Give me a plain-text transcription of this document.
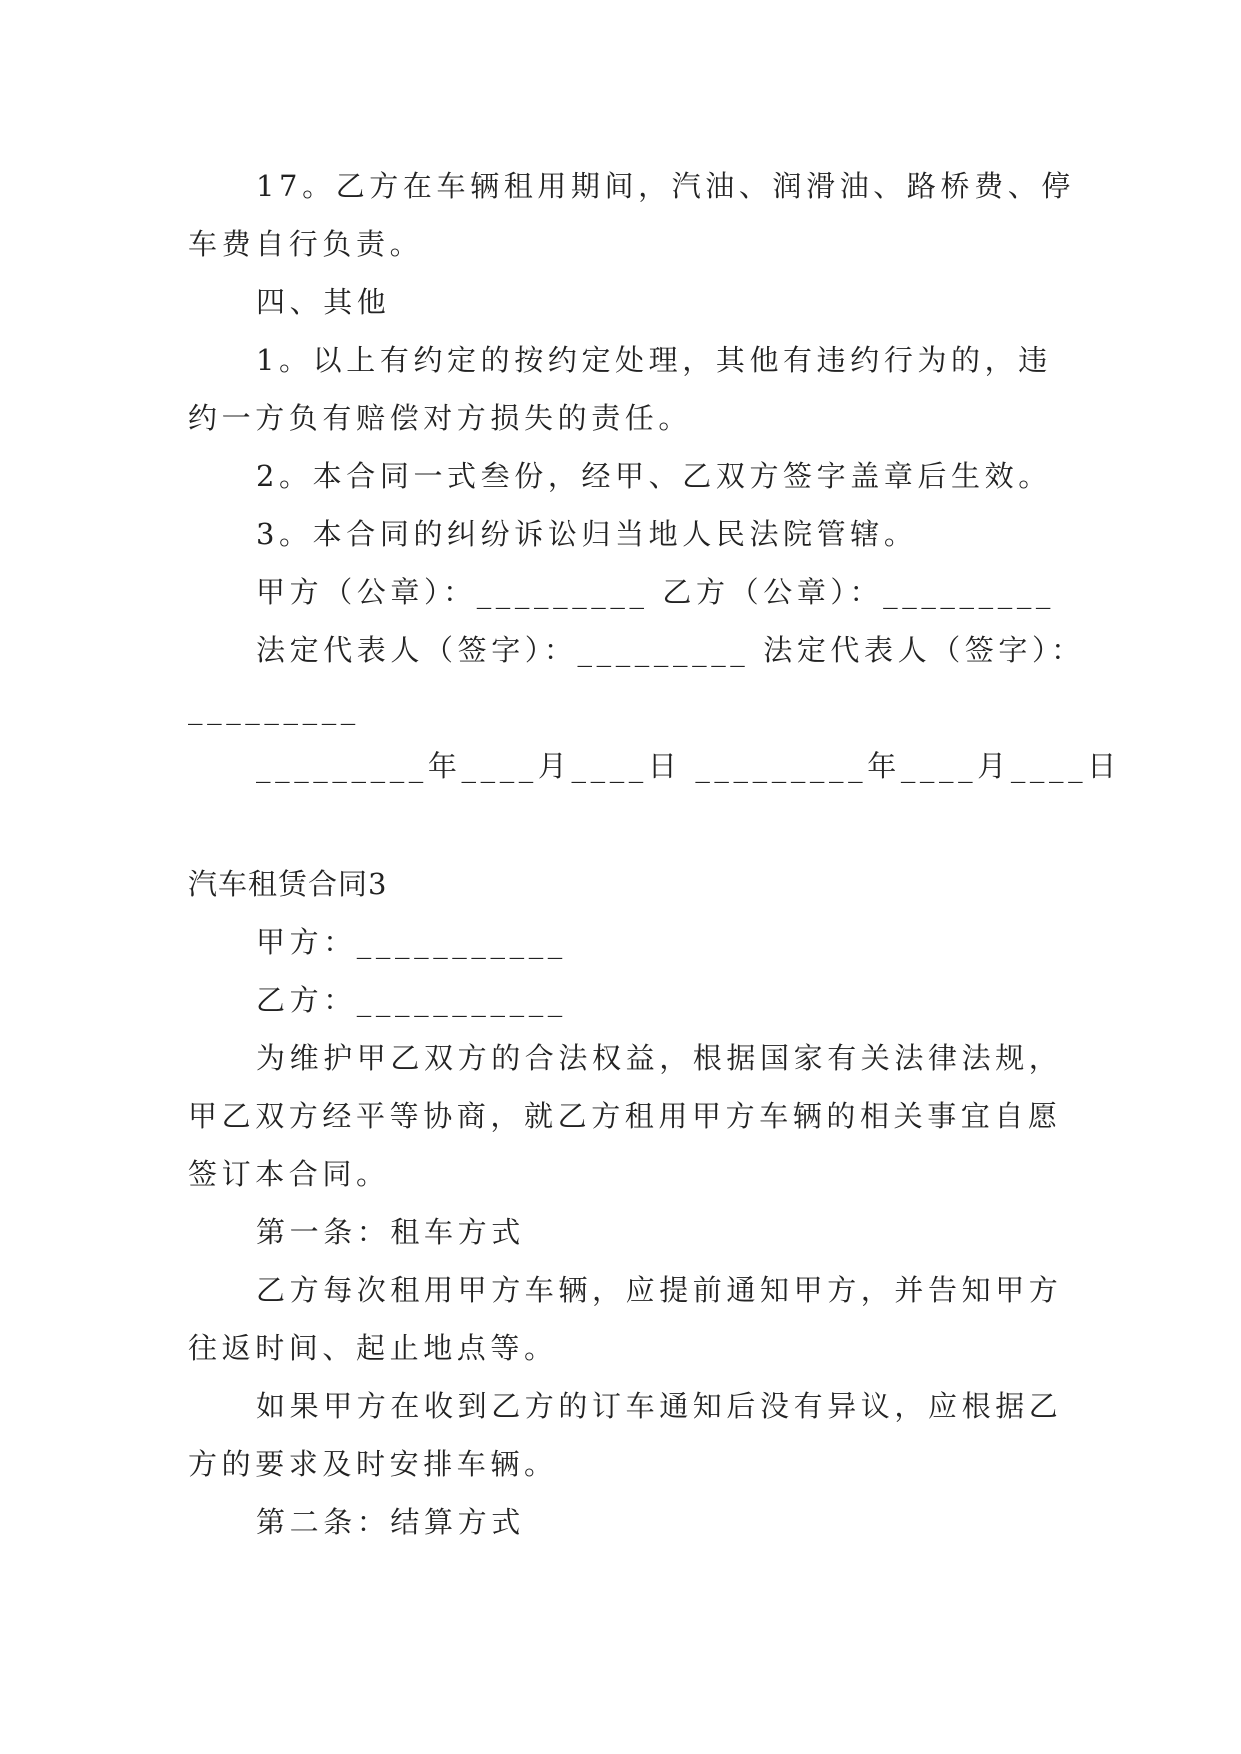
17。乙方在车辆租用期间，汽油、润滑油、路桥费、停
车费自行负责。
四、其他
1。以上有约定的按约定处理，其他有违约行为的，违
约一方负有赔偿对方损失的责任。
2。本合同一式叁份，经甲、乙双方签字盖章后生效。
3。本合同的纠纷诉讼归当地人民法院管辖。
甲方（公章）：_________ 乙方（公章）：_________
法定代表人（签字）：_________ 法定代表人（签字）：
_________
_________年____月____日 _________年____月____日
汽车租赁合同3
甲方：___________
乙方：___________
为维护甲乙双方的合法权益，根据国家有关法律法规，
甲乙双方经平等协商，就乙方租用甲方车辆的相关事宜自愿
签订本合同。
第一条：租车方式
乙方每次租用甲方车辆，应提前通知甲方，并告知甲方
往返时间、起止地点等。
如果甲方在收到乙方的订车通知后没有异议，应根据乙
方的要求及时安排车辆。
第二条：结算方式
